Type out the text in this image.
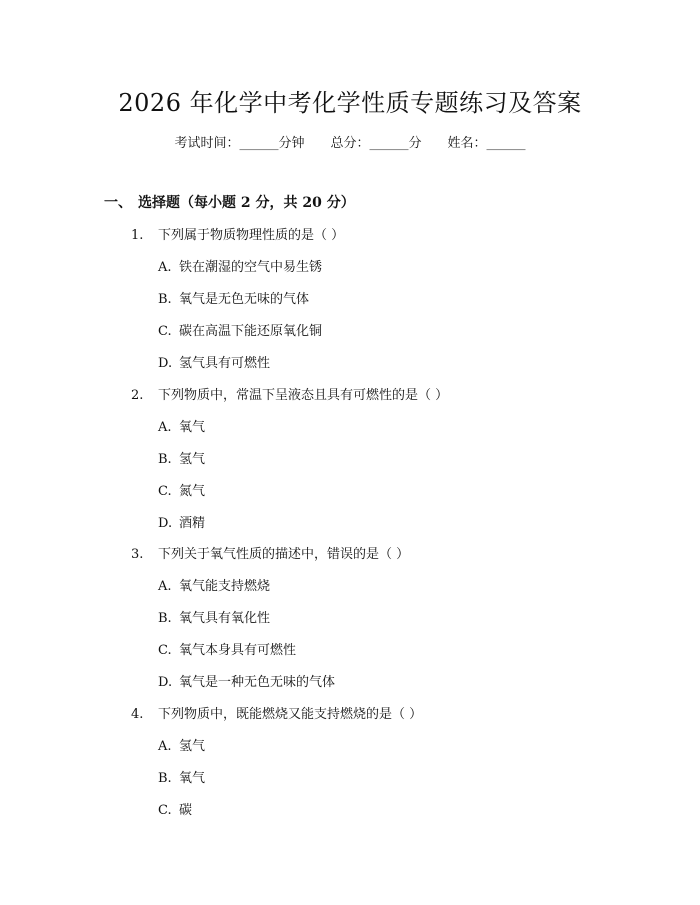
2026 年化学中考化学性质专题练习及答案
考试时间：______分钟 总分：______分 姓名：______
一、 选择题（每小题 2 分，共 20 分）
1. 下列属于物质物理性质的是（ ）
A. 铁在潮湿的空气中易生锈
B. 氧气是无色无味的气体
C. 碳在高温下能还原氧化铜
D. 氢气具有可燃性
2. 下列物质中，常温下呈液态且具有可燃性的是（ ）
A. 氧气
B. 氢气
C. 氮气
D. 酒精
3. 下列关于氧气性质的描述中，错误的是（ ）
A. 氧气能支持燃烧
B. 氧气具有氧化性
C. 氧气本身具有可燃性
D. 氧气是一种无色无味的气体
4. 下列物质中，既能燃烧又能支持燃烧的是（ ）
A. 氢气
B. 氧气
C. 碳
